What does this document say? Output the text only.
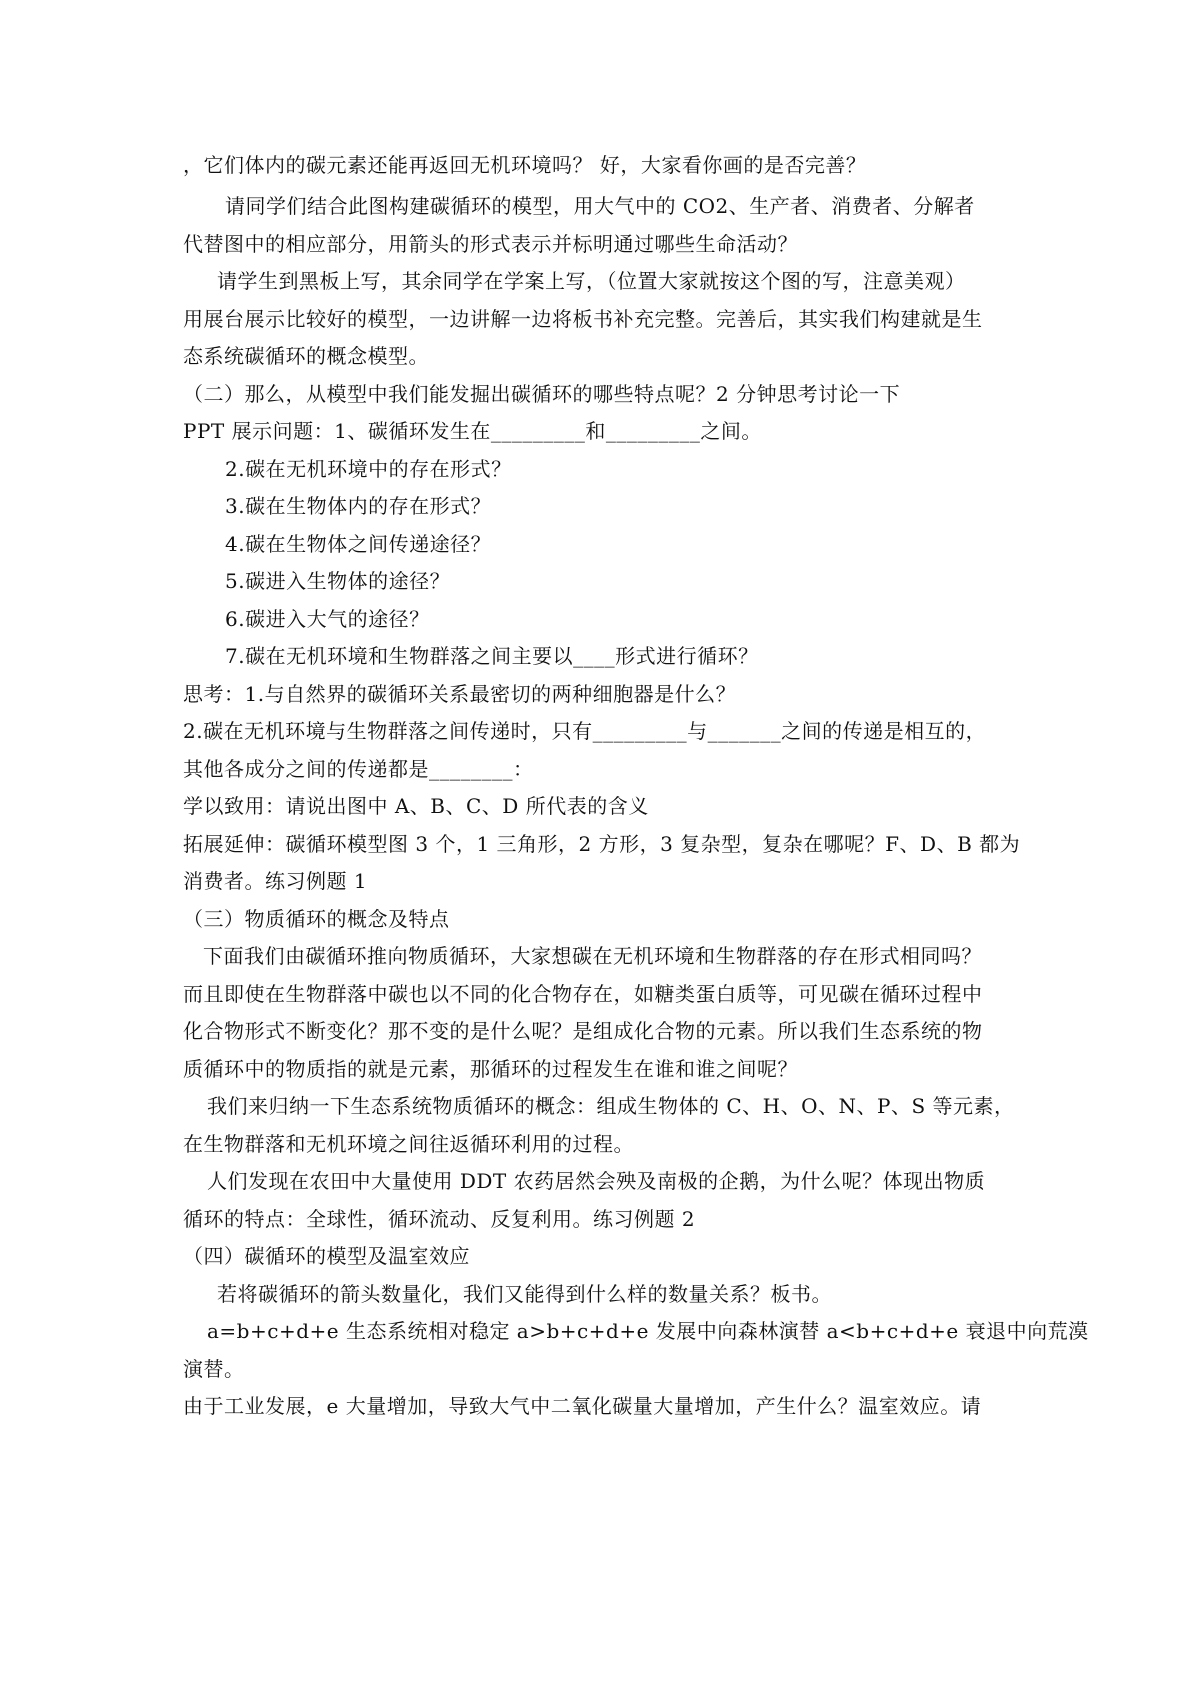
，它们体内的碳元素还能再返回无机环境吗？ 好，大家看你画的是否完善？
请同学们结合此图构建碳循环的模型，用大气中的 CO2、生产者、消费者、分解者
代替图中的相应部分，用箭头的形式表示并标明通过哪些生命活动？
请学生到黑板上写，其余同学在学案上写，（位置大家就按这个图的写，注意美观）
用展台展示比较好的模型，一边讲解一边将板书补充完整。完善后，其实我们构建就是生
态系统碳循环的概念模型。
（二）那么，从模型中我们能发掘出碳循环的哪些特点呢？2 分钟思考讨论一下
PPT 展示问题：1、碳循环发生在_________和_________之间。
2.碳在无机环境中的存在形式？
3.碳在生物体内的存在形式？
4.碳在生物体之间传递途径？
5.碳进入生物体的途径？
6.碳进入大气的途径？
7.碳在无机环境和生物群落之间主要以____形式进行循环？
思考：1.与自然界的碳循环关系最密切的两种细胞器是什么？
2.碳在无机环境与生物群落之间传递时，只有_________与_______之间的传递是相互的，
其他各成分之间的传递都是________：
学以致用：请说出图中 A、B、C、D 所代表的含义
拓展延伸：碳循环模型图 3 个，1 三角形，2 方形，3 复杂型，复杂在哪呢？F、D、B 都为
消费者。练习例题 1
（三）物质循环的概念及特点
下面我们由碳循环推向物质循环，大家想碳在无机环境和生物群落的存在形式相同吗？
而且即使在生物群落中碳也以不同的化合物存在，如糖类蛋白质等，可见碳在循环过程中
化合物形式不断变化？那不变的是什么呢？是组成化合物的元素。所以我们生态系统的物
质循环中的物质指的就是元素，那循环的过程发生在谁和谁之间呢？
我们来归纳一下生态系统物质循环的概念：组成生物体的 C、H、O、N、P、S 等元素，
在生物群落和无机环境之间往返循环利用的过程。
人们发现在农田中大量使用 DDT 农药居然会殃及南极的企鹅，为什么呢？体现出物质
循环的特点：全球性，循环流动、反复利用。练习例题 2
（四）碳循环的模型及温室效应
若将碳循环的箭头数量化，我们又能得到什么样的数量关系？板书。
a=b+c+d+e 生态系统相对稳定 a>b+c+d+e 发展中向森林演替 a<b+c+d+e 衰退中向荒漠
演替。
由于工业发展，e 大量增加，导致大气中二氧化碳量大量增加，产生什么？温室效应。请
